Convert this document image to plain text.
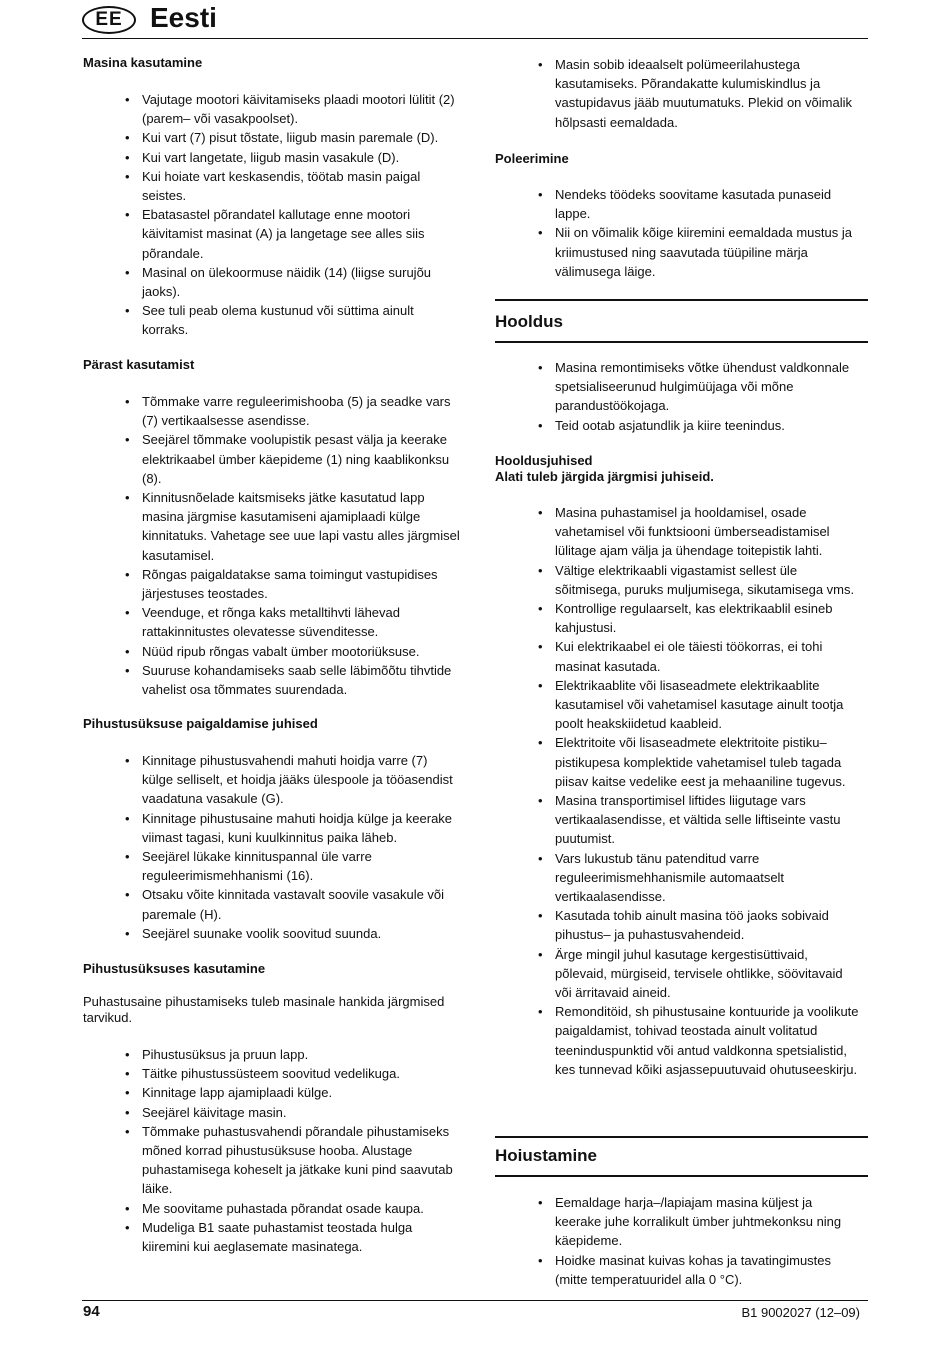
EE Eesti
Masina kasutamine
• Vajutage mootori käivitamiseks plaadi mootori lülitit (2) (parem– või vasakpoolset).
• Kui vart (7) pisut tõstate, liigub masin paremale (D).
• Kui vart langetate, liigub masin vasakule (D).
• Kui hoiate vart keskasendis, töötab masin paigal seistes.
• Ebatasastel põrandatel kallutage enne mootori käivitamist masinat (A) ja langetage see alles siis põrandale.
• Masinal on ülekoormuse näidik (14) (liigse surujõu jaoks).
• See tuli peab olema kustunud või süttima ainult korraks.
Pärast kasutamist
• Tõmmake varre reguleerimishooba (5) ja seadke vars (7) vertikaalsesse asendisse.
• Seejärel tõmmake voolupistik pesast välja ja keerake elektrikaabel ümber käepideme (1) ning kaablikonksu (8).
• Kinnitusnõelade kaitsmiseks jätke kasutatud lapp masina järgmise kasutamiseni ajamiplaadi külge kinnitatuks. Vahetage see uue lapi vastu alles järgmisel kasutamisel.
• Rõngas paigaldatakse sama toimingut vastupidises järjestuses teostades.
• Veenduge, et rõnga kaks metalltihvti lähevad rattakinnitustes olevatesse süvenditesse.
• Nüüd ripub rõngas vabalt ümber mootoriüksuse.
• Suuruse kohandamiseks saab selle läbimõõtu tihvtide vahelist osa tõmmates suurendada.
Pihustusüksuse paigaldamise juhised
• Kinnitage pihustusvahendi mahuti hoidja varre (7) külge selliselt, et hoidja jääks ülespoole ja tööasendist vaadatuna vasakule (G).
• Kinnitage pihustusaine mahuti hoidja külge ja keerake viimast tagasi, kuni kuulkinnitus paika läheb.
• Seejärel lükake kinnituspannal üle varre reguleerimismehhanismi (16).
• Otsaku võite kinnitada vastavalt soovile vasakule või paremale (H).
• Seejärel suunake voolik soovitud suunda.
Pihustusüksuses kasutamine
Puhastusaine pihustamiseks tuleb masinale hankida järgmised tarvikud.
• Pihustusüksus ja pruun lapp.
• Täitke pihustussüsteem soovitud vedelikuga.
• Kinnitage lapp ajamiplaadi külge.
• Seejärel käivitage masin.
• Tõmmake puhastusvahendi põrandale pihustamiseks mõned korrad pihustusüksuse hooba. Alustage puhastamisega koheselt ja jätkake kuni pind saavutab läike.
• Me soovitame puhastada põrandat osade kaupa.
• Mudeliga B1 saate puhastamist teostada hulga kiiremini kui aeglasemate masinatega.
• Masin sobib ideaalselt polümeerilahustega kasutamiseks. Põrandakatte kulumiskindlus ja vastupidavus jääb muutumatuks. Plekid on võimalik hõlpsasti eemaldada.
Poleerimine
• Nendeks töödeks soovitame kasutada punaseid lappe.
• Nii on võimalik kõige kiiremini eemaldada mustus ja kriimustused ning saavutada tüüpiline märja välimusega läige.
Hooldus
• Masina remontimiseks võtke ühendust valdkonnale spetsialiseerunud hulgimüüjaga või mõne parandustöökojaga.
• Teid ootab asjatundlik ja kiire teenindus.
Hooldusjuhised
Alati tuleb järgida järgmisi juhiseid.
• Masina puhastamisel ja hooldamisel, osade vahetamisel või funktsiooni ümberseadistamisel lülitage ajam välja ja ühendage toitepistik lahti.
• Vältige elektrikaabli vigastamist sellest üle sõitmisega, puruks muljumisega, sikutamisega vms.
• Kontrollige regulaarselt, kas elektrikaablil esineb kahjustusi.
• Kui elektrikaabel ei ole täiesti töökorras, ei tohi masinat kasutada.
• Elektrikaablite või lisaseadmete elektrikaablite kasutamisel või vahetamisel kasutage ainult tootja poolt heakskiidetud kaableid.
• Elektritoite või lisaseadmete elektritoite pistiku–pistikupesa komplektide vahetamisel tuleb tagada piisav kaitse vedelike eest ja mehaaniline tugevus.
• Masina transportimisel liftides liigutage vars vertikaalasendisse, et vältida selle liftiseinte vastu puutumist.
• Vars lukustub tänu patenditud varre reguleerimismehhanismile automaatselt vertikaalasendisse.
• Kasutada tohib ainult masina töö jaoks sobivaid pihustus– ja puhastusvahendeid.
• Ärge mingil juhul kasutage kergestisüttivaid, põlevaid, mürgiseid, tervisele ohtlikke, söövitavaid või ärritavaid aineid.
• Remonditöid, sh pihustusaine kontuuride ja voolikute paigaldamist, tohivad teostada ainult volitatud teeninduspunktid või antud valdkonna spetsialistid, kes tunnevad kõiki asjassepuutuvaid ohutuseeskirju.
Hoiustamine
• Eemaldage harja–/lapiajam masina küljest ja keerake juhe korralikult ümber juhtmekonksu ning käepideme.
• Hoidke masinat kuivas kohas ja tavatingimustes (mitte temperatuuridel alla 0 °C).
94	B1 9002027 (12–09)
